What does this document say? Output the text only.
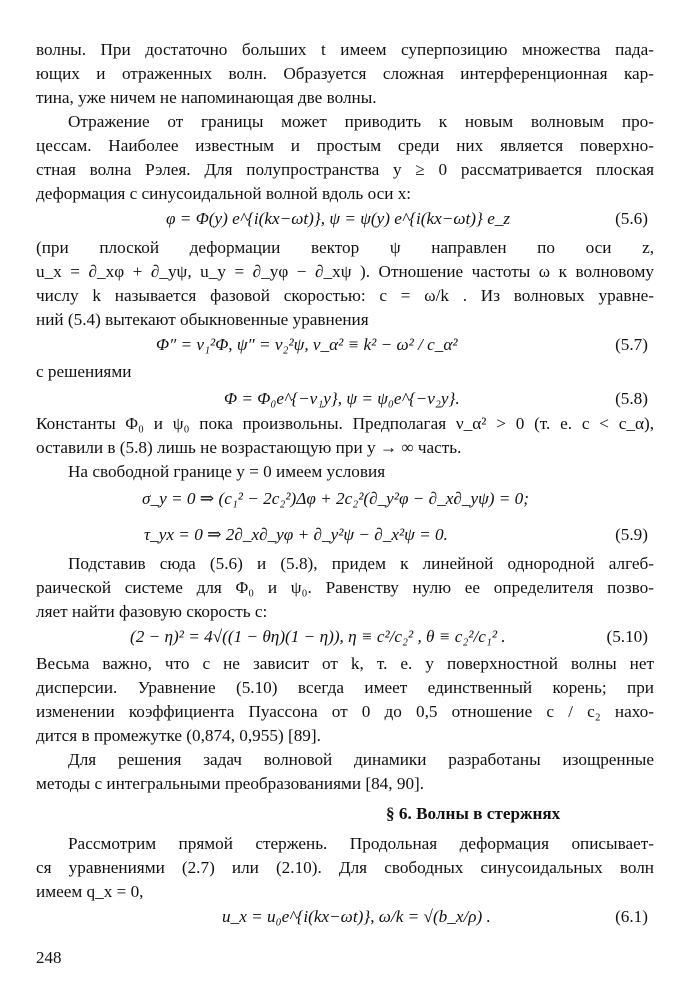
волны. При достаточно больших t имеем суперпозицию множества пада-
ющих и отраженных волн. Образуется сложная интерференционная кар-
тина, уже ничем не напоминающая две волны.
Отражение от границы может приводить к новым волновым про-
цессам. Наиболее известным и простым среди них является поверхно-
стная волна Рэлея. Для полупространства y ≥ 0 рассматривается плоская
деформация с синусоидальной волной вдоль оси x:
φ = Φ(y) e^{i(kx−ωt)}, ψ = ψ(y) e^{i(kx−ωt)} e_z	(5.6)
(при плоской деформации вектор ψ направлен по оси z,
u_x = ∂_xφ + ∂_yψ, u_y = ∂_yφ − ∂_xψ ). Отношение частоты ω к волновому
числу k называется фазовой скоростью: c = ω/k . Из волновых уравне-
ний (5.4) вытекают обыкновенные уравнения
Φ″ = ν₁²Φ, ψ″ = ν₂²ψ, ν_α² ≡ k² − ω² / c_α²	(5.7)
с решениями
Φ = Φ₀e^{−ν₁y}, ψ = ψ₀e^{−ν₂y}.	(5.8)
Константы Φ₀ и ψ₀ пока произвольны. Предполагая ν_α² > 0 (т. е. c < c_α),
оставили в (5.8) лишь не возрастающую при y → ∞ часть.
На свободной границе y = 0 имеем условия
σ_y = 0 ⇒ (c₁² − 2c₂²)Δφ + 2c₂²(∂_y²φ − ∂_x∂_yψ) = 0;
τ_yx = 0 ⇒ 2∂_x∂_yφ + ∂_y²ψ − ∂_x²ψ = 0.	(5.9)
Подставив сюда (5.6) и (5.8), придем к линейной однородной алгеб-
раической системе для Φ₀ и ψ₀. Равенству нулю ее определителя позво-
ляет найти фазовую скорость c:
(2 − η)² = 4√((1 − θη)(1 − η)), η ≡ c²/c₂² , θ ≡ c₂²/c₁² .	(5.10)
Весьма важно, что c не зависит от k, т. е. у поверхностной волны нет
дисперсии. Уравнение (5.10) всегда имеет единственный корень; при
изменении коэффициента Пуассона от 0 до 0,5 отношение c / c₂ нахо-
дится в промежутке (0,874, 0,955) [89].
Для решения задач волновой динамики разработаны изощренные
методы с интегральными преобразованиями [84, 90].
§ 6. Волны в стержнях
Рассмотрим прямой стержень. Продольная деформация описывает-
ся уравнениями (2.7) или (2.10). Для свободных синусоидальных волн
имеем q_x = 0,
u_x = u₀e^{i(kx−ωt)}, ω/k = √(b_x/ρ) .	(6.1)
248
